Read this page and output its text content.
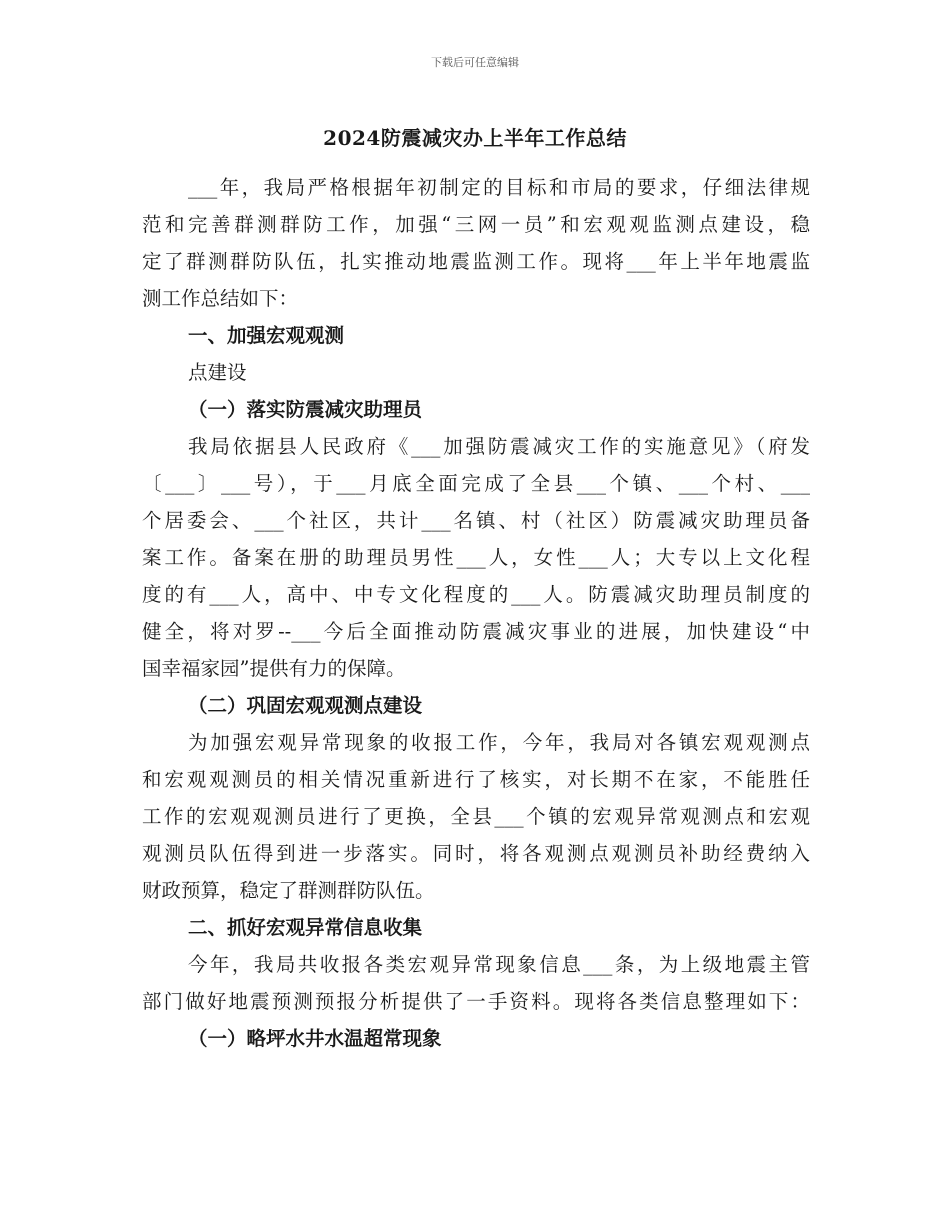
下载后可任意编辑
2024防震减灾办上半年工作总结
___年，我局严格根据年初制定的目标和市局的要求，仔细法律规
范和完善群测群防工作，加强“三网一员”和宏观观监测点建设，稳
定了群测群防队伍，扎实推动地震监测工作。现将___年上半年地震监
测工作总结如下：
一、加强宏观观测
点建设
（一）落实防震减灾助理员
我局依据县人民政府《___加强防震减灾工作的实施意见》（府发
〔___〕___号），于___月底全面完成了全县___个镇、___个村、___
个居委会、___个社区，共计___名镇、村（社区）防震减灾助理员备
案工作。备案在册的助理员男性___人，女性___人；大专以上文化程
度的有___人，高中、中专文化程度的___人。防震减灾助理员制度的
健全，将对罗--___今后全面推动防震减灾事业的进展，加快建设“中
国幸福家园”提供有力的保障。
（二）巩固宏观观测点建设
为加强宏观异常现象的收报工作，今年，我局对各镇宏观观测点
和宏观观测员的相关情况重新进行了核实，对长期不在家，不能胜任
工作的宏观观测员进行了更换，全县___个镇的宏观异常观测点和宏观
观测员队伍得到进一步落实。同时，将各观测点观测员补助经费纳入
财政预算，稳定了群测群防队伍。
二、抓好宏观异常信息收集
今年，我局共收报各类宏观异常现象信息___条，为上级地震主管
部门做好地震预测预报分析提供了一手资料。现将各类信息整理如下：
（一）略坪水井水温超常现象
